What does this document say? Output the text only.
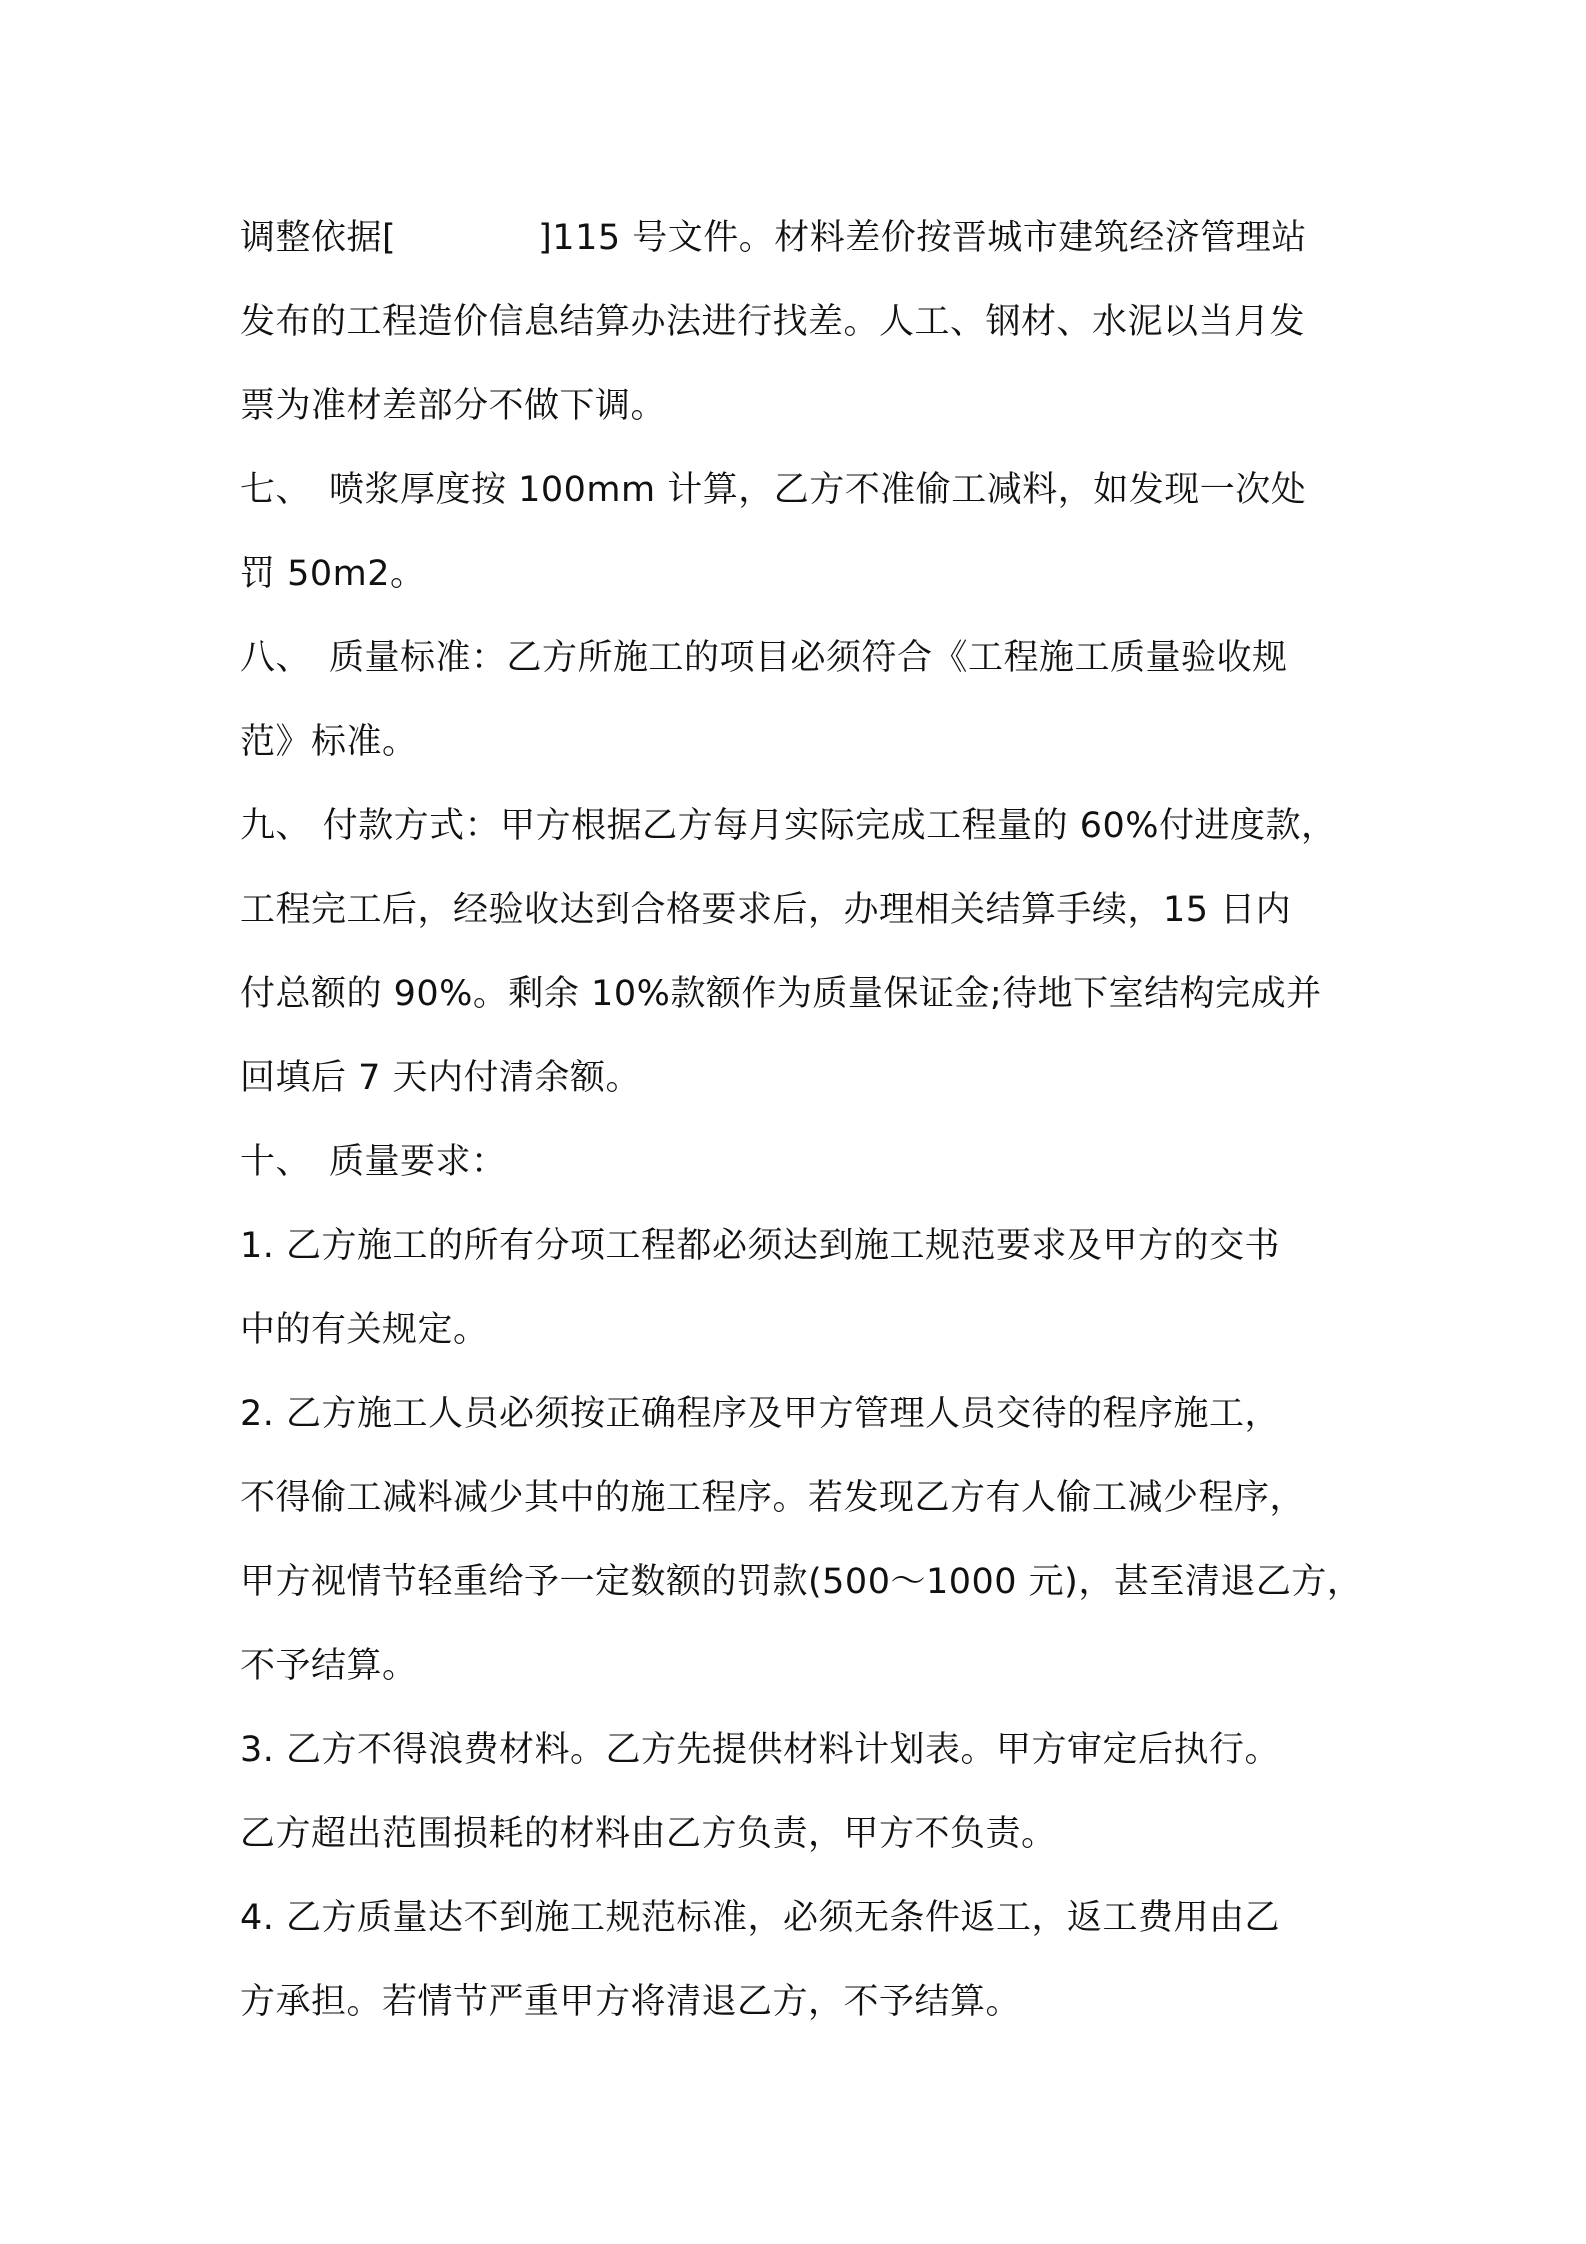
调整依据[　　　　]115 号文件。材料差价按晋城市建筑经济管理站
发布的工程造价信息结算办法进行找差。人工、钢材、水泥以当月发
票为准材差部分不做下调。
七、　喷浆厚度按 100mm 计算，乙方不准偷工减料，如发现一次处
罚 50m2。
八、　质量标准：乙方所施工的项目必须符合《工程施工质量验收规
范》标准。
九、 付款方式：甲方根据乙方每月实际完成工程量的 60%付进度款，
工程完工后，经验收达到合格要求后，办理相关结算手续，15 日内
付总额的 90%。剩余 10%款额作为质量保证金;待地下室结构完成并
回填后 7 天内付清余额。
十、　质量要求：
1. 乙方施工的所有分项工程都必须达到施工规范要求及甲方的交书
中的有关规定。
2. 乙方施工人员必须按正确程序及甲方管理人员交待的程序施工，
不得偷工减料减少其中的施工程序。若发现乙方有人偷工减少程序，
甲方视情节轻重给予一定数额的罚款(500～1000 元)，甚至清退乙方，
不予结算。
3. 乙方不得浪费材料。乙方先提供材料计划表。甲方审定后执行。
乙方超出范围损耗的材料由乙方负责，甲方不负责。
4. 乙方质量达不到施工规范标准，必须无条件返工，返工费用由乙
方承担。若情节严重甲方将清退乙方，不予结算。
